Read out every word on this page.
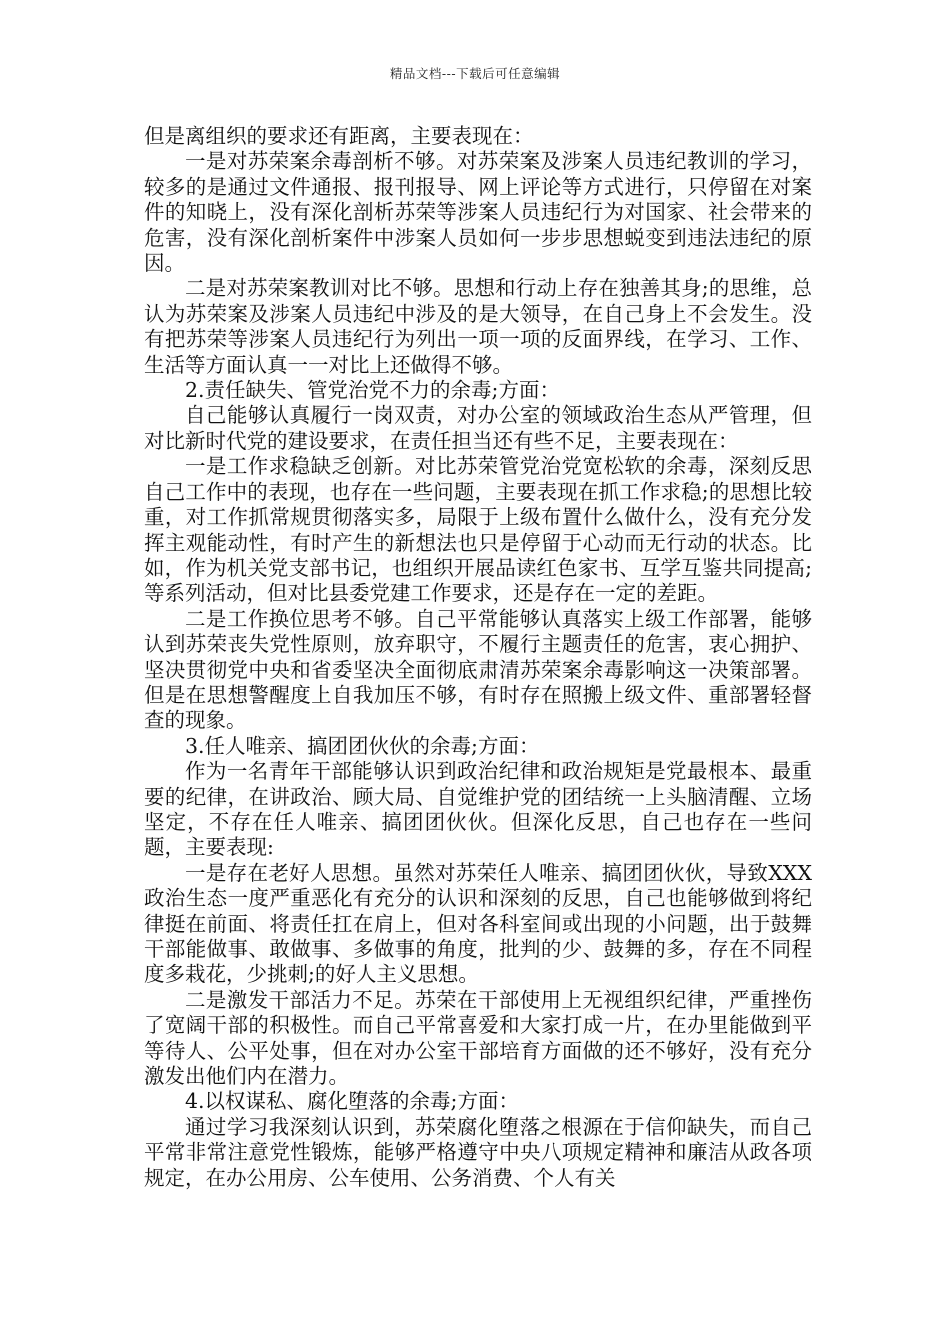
精品文档---下载后可任意编辑

但是离组织的要求还有距离，主要表现在：

一是对苏荣案余毒剖析不够。对苏荣案及涉案人员违纪教训的学习，较多的是通过文件通报、报刊报导、网上评论等方式进行，只停留在对案件的知晓上，没有深化剖析苏荣等涉案人员违纪行为对国家、社会带来的危害，没有深化剖析案件中涉案人员如何一步步思想蜕变到违法违纪的原因。

二是对苏荣案教训对比不够。思想和行动上存在独善其身;的思维，总认为苏荣案及涉案人员违纪中涉及的是大领导，在自己身上不会发生。没有把苏荣等涉案人员违纪行为列出一项一项的反面界线，在学习、工作、生活等方面认真一一对比上还做得不够。

2.责任缺失、管党治党不力的余毒;方面：

自己能够认真履行一岗双责，对办公室的领域政治生态从严管理，但对比新时代党的建设要求，在责任担当还有些不足，主要表现在：

一是工作求稳缺乏创新。对比苏荣管党治党宽松软的余毒，深刻反思自己工作中的表现，也存在一些问题，主要表现在抓工作求稳;的思想比较重，对工作抓常规贯彻落实多，局限于上级布置什么做什么，没有充分发挥主观能动性，有时产生的新想法也只是停留于心动而无行动的状态。比如，作为机关党支部书记，也组织开展品读红色家书、互学互鉴共同提高;等系列活动，但对比县委党建工作要求，还是存在一定的差距。

二是工作换位思考不够。自己平常能够认真落实上级工作部署，能够认到苏荣丧失党性原则，放弃职守，不履行主题责任的危害，衷心拥护、坚决贯彻党中央和省委坚决全面彻底肃清苏荣案余毒影响这一决策部署。但是在思想警醒度上自我加压不够，有时存在照搬上级文件、重部署轻督查的现象。

3.任人唯亲、搞团团伙伙的余毒;方面：

作为一名青年干部能够认识到政治纪律和政治规矩是党最根本、最重要的纪律，在讲政治、顾大局、自觉维护党的团结统一上头脑清醒、立场坚定，不存在任人唯亲、搞团团伙伙。但深化反思，自己也存在一些问题，主要表现:

一是存在老好人思想。虽然对苏荣任人唯亲、搞团团伙伙，导致XXX政治生态一度严重恶化有充分的认识和深刻的反思，自己也能够做到将纪律挺在前面、将责任扛在肩上，但对各科室间或出现的小问题，出于鼓舞干部能做事、敢做事、多做事的角度，批判的少、鼓舞的多，存在不同程度多栽花，少挑刺;的好人主义思想。

二是激发干部活力不足。苏荣在干部使用上无视组织纪律，严重挫伤了宽阔干部的积极性。而自己平常喜爱和大家打成一片，在办里能做到平等待人、公平处事，但在对办公室干部培育方面做的还不够好，没有充分激发出他们内在潜力。

4.以权谋私、腐化堕落的余毒;方面：

通过学习我深刻认识到，苏荣腐化堕落之根源在于信仰缺失，而自己平常非常注意党性锻炼，能够严格遵守中央八项规定精神和廉洁从政各项规定，在办公用房、公车使用、公务消费、个人有关
